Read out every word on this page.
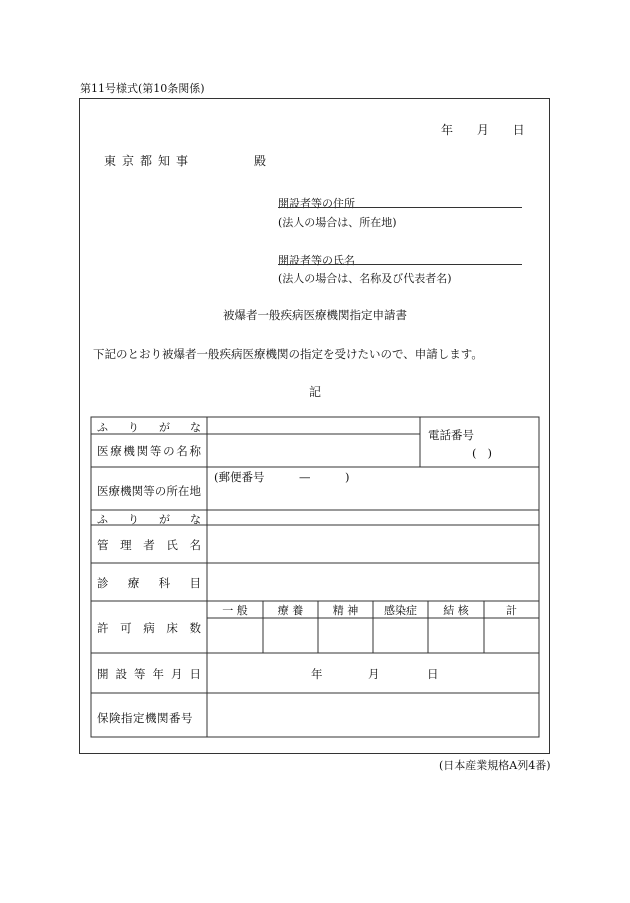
第11号様式(第10条関係)
年 月 日
東京都知事	殿
開設者等の住所
(法人の場合は、所在地)
開設者等の氏名
(法人の場合は、名称及び代表者名)
被爆者一般疾病医療機関指定申請書
下記のとおり被爆者一般疾病医療機関の指定を受けたいので、申請します。
記
ふ り が な
医療機関等の名称
電話番号
(   )
医療機関等の所在地
(郵便番号　　　—　　　)
ふ り が な
管理者氏名
診療科目
許可病床数
一 般	療 養	精 神	感染症	結 核	計
開設等年月日	年	月	日
保険指定機関番号
(日本産業規格A列4番)
